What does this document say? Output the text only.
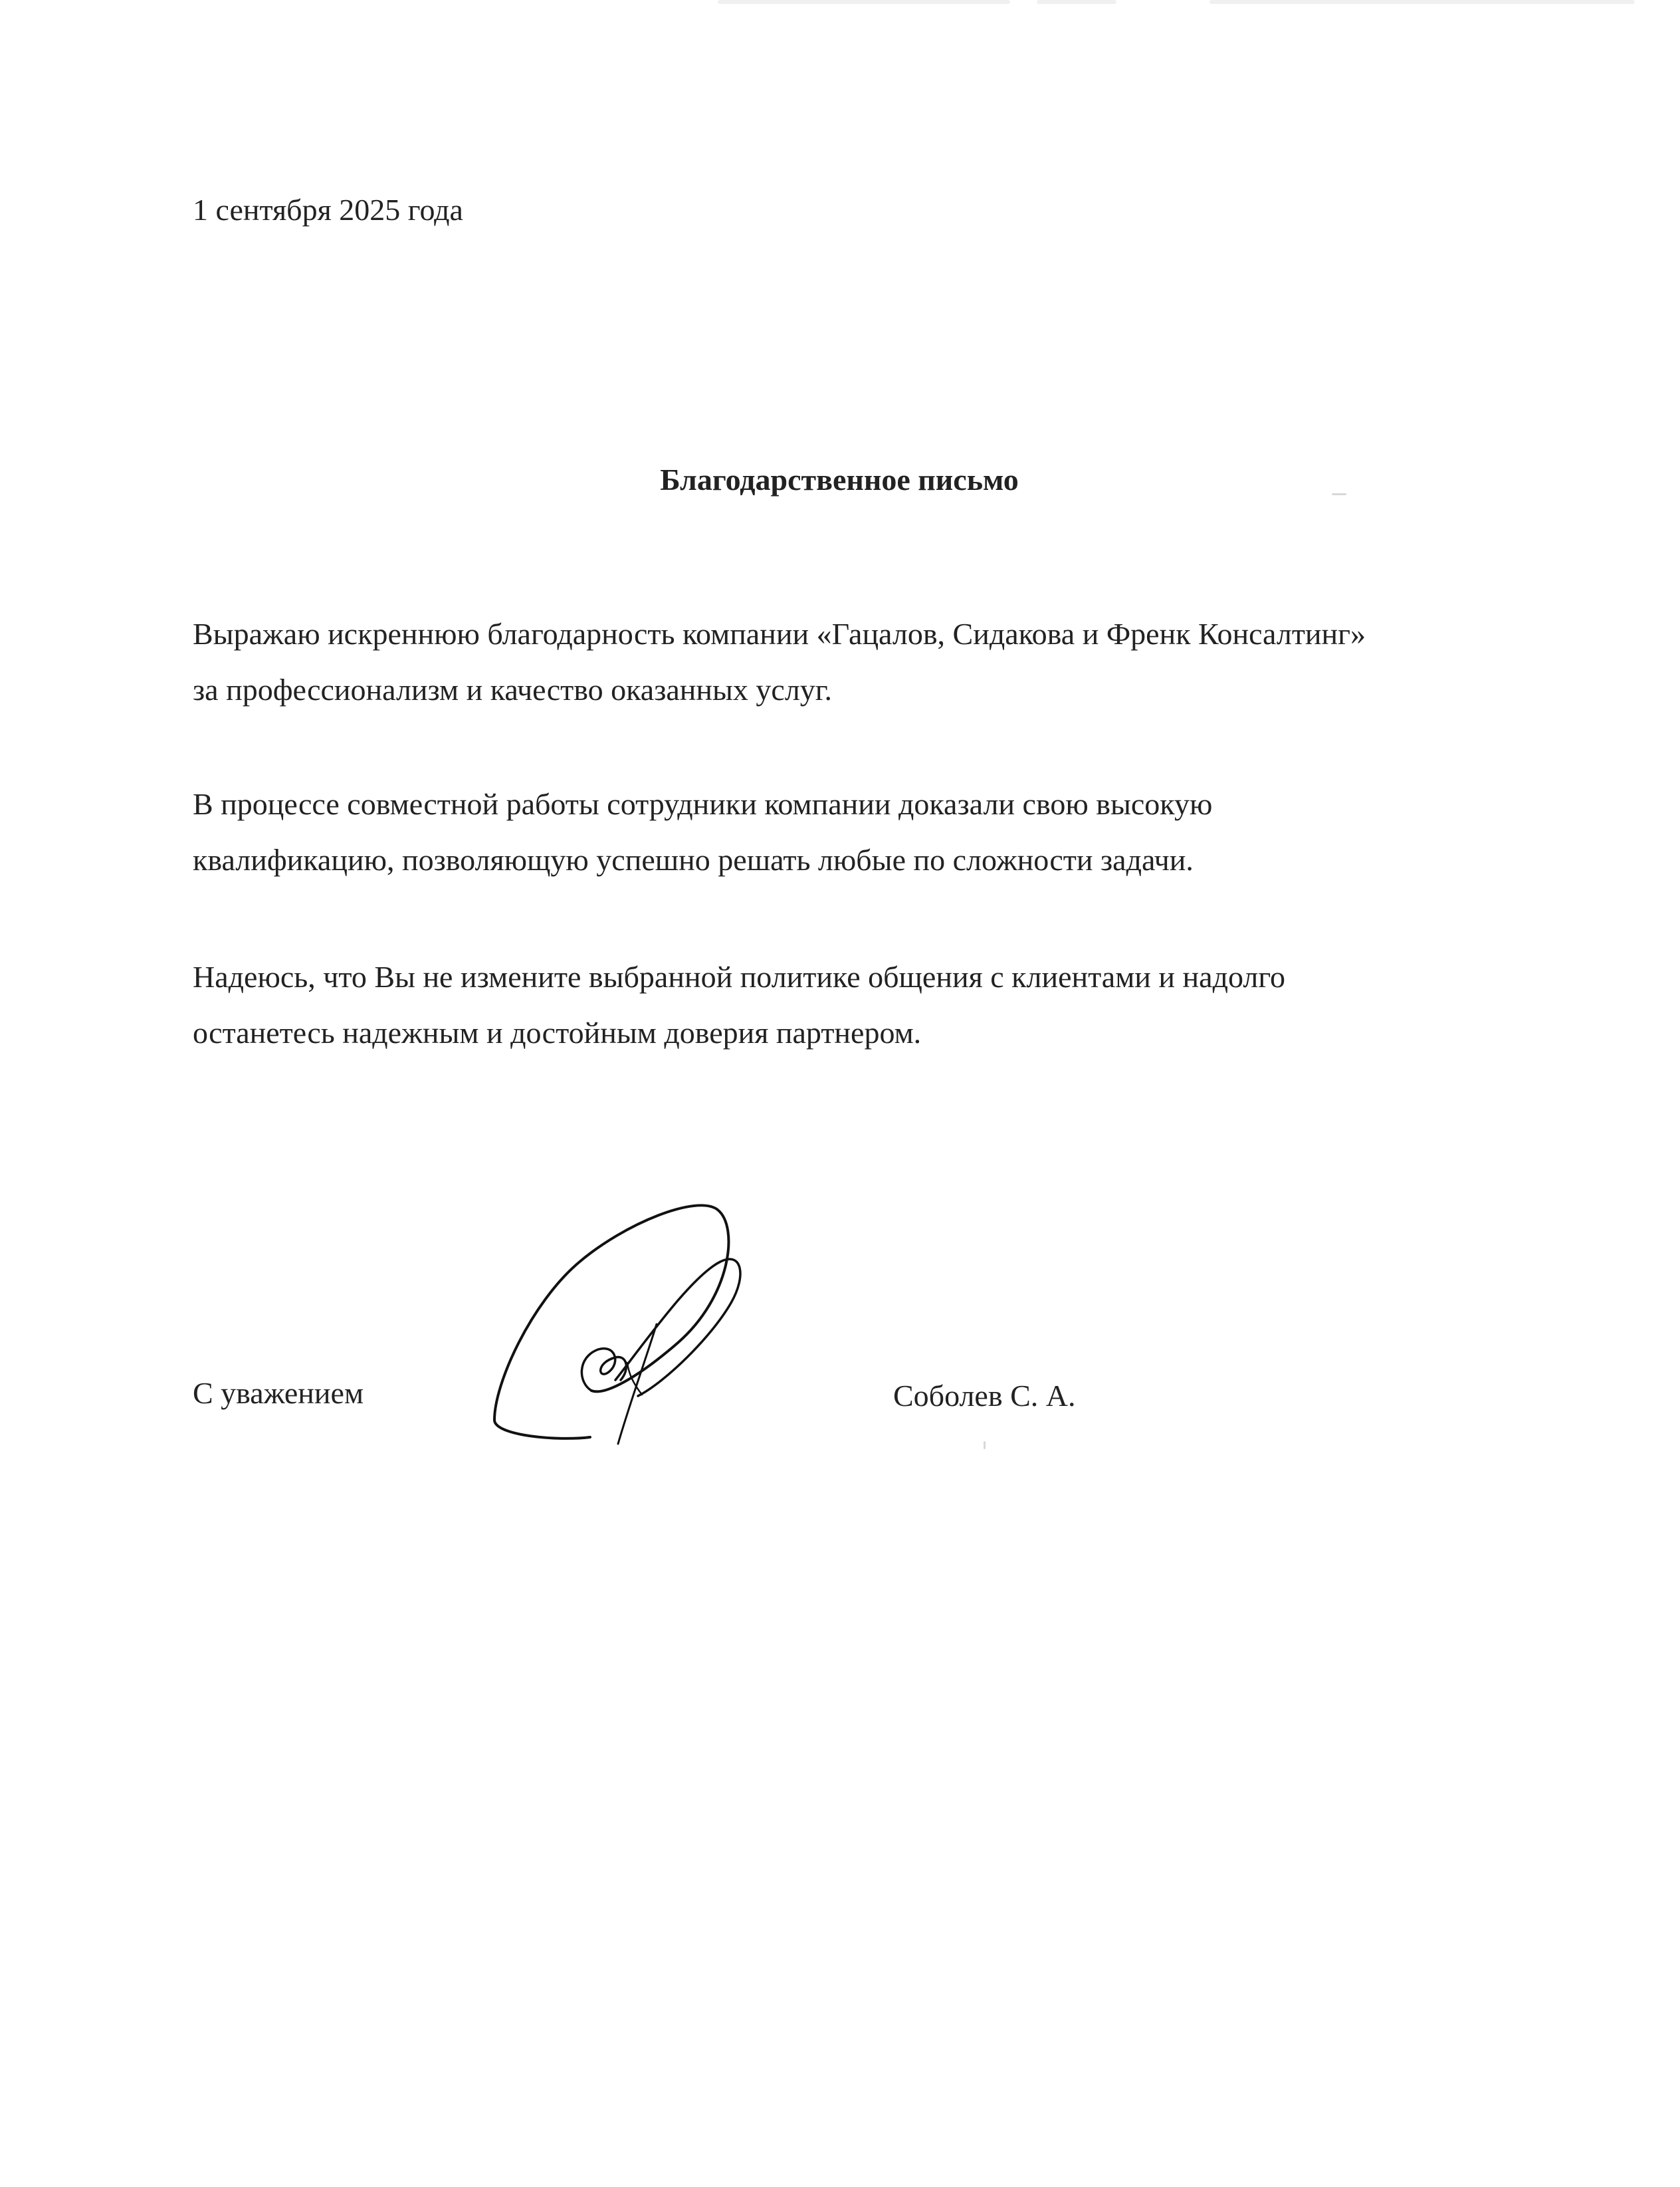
1 сентября 2025 года
Благодарственное письмо
Выражаю искреннюю благодарность компании «Гацалов, Сидакова и Френк Консалтинг»
за профессионализм и качество оказанных услуг.
В процессе совместной работы сотрудники компании доказали свою высокую
квалификацию, позволяющую успешно решать любые по сложности задачи.
Надеюсь, что Вы не измените выбранной политике общения с клиентами и надолго
останетесь надежным и достойным доверия партнером.
С уважением	Соболев С. А.
